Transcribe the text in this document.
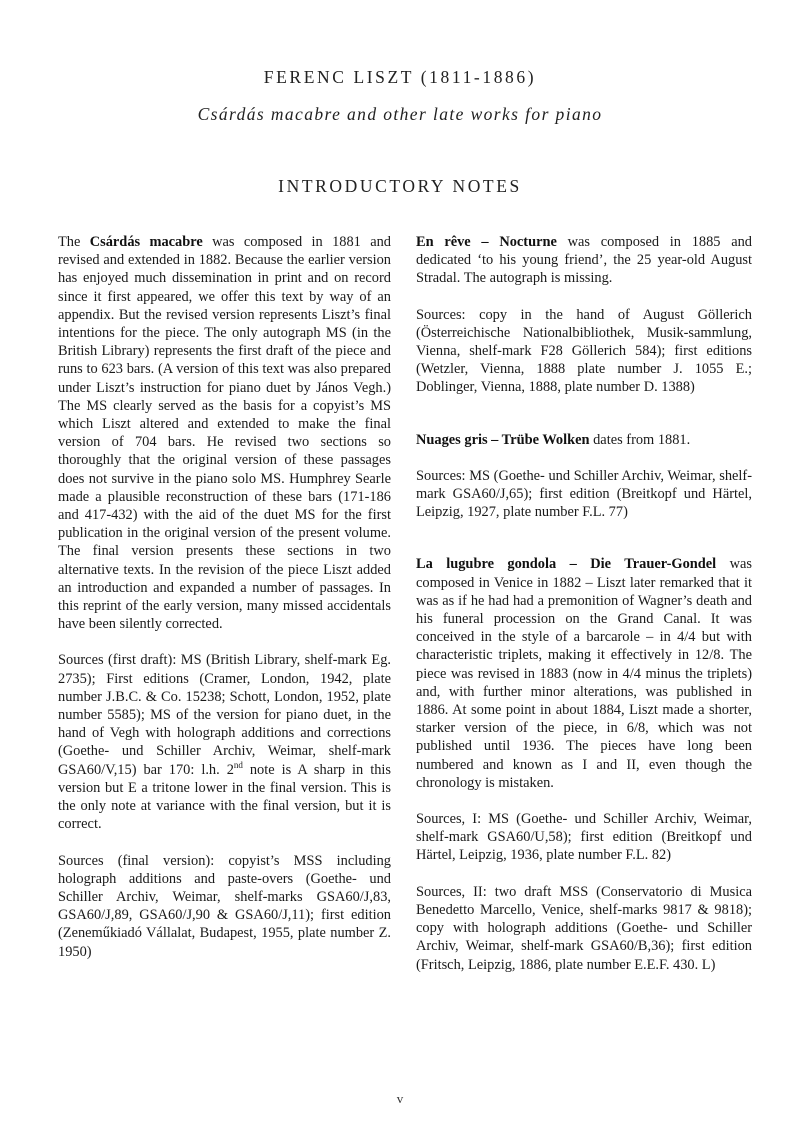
FERENC LISZT (1811-1886)
Csárdás macabre and other late works for piano
INTRODUCTORY NOTES

The Csárdás macabre was composed in 1881 and revised and extended in 1882. Because the earlier version has enjoyed much dissemination in print and on record since it first appeared, we offer this text by way of an appendix. But the revised version represents Liszt’s final intentions for the piece. The only autograph MS (in the British Library) represents the first draft of the piece and runs to 623 bars. (A version of this text was also prepared under Liszt’s instruction for piano duet by János Vegh.) The MS clearly served as the basis for a copyist’s MS which Liszt altered and extended to make the final version of 704 bars. He revised two sections so thoroughly that the original version of these passages does not survive in the piano solo MS. Humphrey Searle made a plausible reconstruction of these bars (171-186 and 417-432) with the aid of the duet MS for the first publication in the original version of the present volume. The final version presents these sections in two alternative texts. In the revision of the piece Liszt added an introduction and expanded a number of passages. In this reprint of the early version, many missed accidentals have been silently corrected.

Sources (first draft): MS (British Library, shelf-mark Eg. 2735); First editions (Cramer, London, 1942, plate number J.B.C. & Co. 15238; Schott, London, 1952, plate number 5585); MS of the version for piano duet, in the hand of Vegh with holograph additions and corrections (Goethe- und Schiller Archiv, Weimar, shelf-mark GSA60/V,15) bar 170: l.h. 2nd note is A sharp in this version but E a tritone lower in the final version. This is the only note at variance with the final version, but it is correct.

Sources (final version): copyist’s MSS including holograph additions and paste-overs (Goethe- und Schiller Archiv, Weimar, shelf-marks GSA60/J,83, GSA60/J,89, GSA60/J,90 & GSA60/J,11); first edition (Zeneműkiadó Vállalat, Budapest, 1955, plate number Z. 1950)

En rêve – Nocturne was composed in 1885 and dedicated ‘to his young friend’, the 25 year-old August Stradal. The autograph is missing.

Sources: copy in the hand of August Göllerich (Österreichische Nationalbibliothek, Musik-sammlung, Vienna, shelf-mark F28 Göllerich 584); first editions (Wetzler, Vienna, 1888 plate number J. 1055 E.; Doblinger, Vienna, 1888, plate number D. 1388)

Nuages gris – Trübe Wolken dates from 1881.

Sources: MS (Goethe- und Schiller Archiv, Weimar, shelf-mark GSA60/J,65); first edition (Breitkopf und Härtel, Leipzig, 1927, plate number F.L. 77)

La lugubre gondola – Die Trauer-Gondel was composed in Venice in 1882 – Liszt later remarked that it was as if he had had a premonition of Wagner’s death and his funeral procession on the Grand Canal. It was conceived in the style of a barcarole – in 4/4 but with characteristic triplets, making it effectively in 12/8. The piece was revised in 1883 (now in 4/4 minus the triplets) and, with further minor alterations, was published in 1886. At some point in about 1884, Liszt made a shorter, starker version of the piece, in 6/8, which was not published until 1936. The pieces have long been numbered and known as I and II, even though the chronology is mistaken.

Sources, I: MS (Goethe- und Schiller Archiv, Weimar, shelf-mark GSA60/U,58); first edition (Breitkopf und Härtel, Leipzig, 1936, plate number F.L. 82)

Sources, II: two draft MSS (Conservatorio di Musica Benedetto Marcello, Venice, shelf-marks 9817 & 9818); copy with holograph additions (Goethe- und Schiller Archiv, Weimar, shelf-mark GSA60/B,36); first edition (Fritsch, Leipzig, 1886, plate number E.E.F. 430. L)

v
